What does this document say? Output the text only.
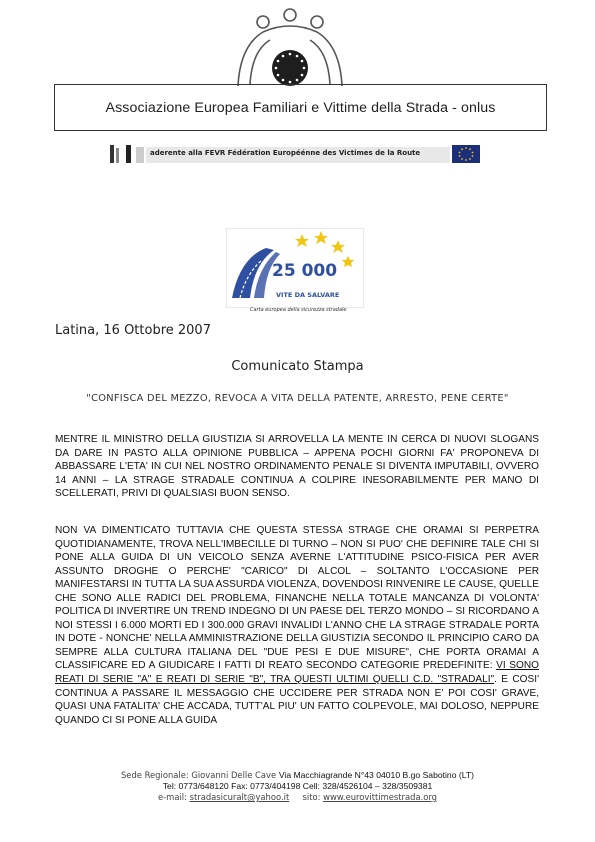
Associazione Europea Familiari e Vittime della Strada - onlus
aderente alla FEVR Fédération Européénne des Victimes de la Route
25 000
VITE DA SALVARE
Carta europea della sicurezza stradale
Latina, 16 Ottobre 2007
Comunicato Stampa
"CONFISCA DEL MEZZO, REVOCA A VITA DELLA PATENTE, ARRESTO, PENE CERTE"
MENTRE IL MINISTRO DELLA GIUSTIZIA SI ARROVELLA LA MENTE IN CERCA DI NUOVI SLOGANS DA DARE IN PASTO ALLA OPINIONE PUBBLICA – APPENA POCHI GIORNI FA' PROPONEVA DI ABBASSARE L'ETA' IN CUI NEL NOSTRO ORDINAMENTO PENALE SI DIVENTA IMPUTABILI, OVVERO 14 ANNI – LA STRAGE STRADALE CONTINUA A COLPIRE INESORABILMENTE PER MANO DI SCELLERATI, PRIVI DI QUALSIASI BUON SENSO.
NON VA DIMENTICATO TUTTAVIA CHE QUESTA STESSA STRAGE CHE ORAMAI SI PERPETRA QUOTIDIANAMENTE, TROVA NELL'IMBECILLE DI TURNO – NON SI PUO' CHE DEFINIRE TALE CHI SI PONE ALLA GUIDA DI UN VEICOLO SENZA AVERNE L'ATTITUDINE PSICO-FISICA PER AVER ASSUNTO DROGHE O PERCHE' "CARICO" DI ALCOL – SOLTANTO L'OCCASIONE PER MANIFESTARSI IN TUTTA LA SUA ASSURDA VIOLENZA, DOVENDOSI RINVENIRE LE CAUSE, QUELLE CHE SONO ALLE RADICI DEL PROBLEMA, FINANCHE NELLA TOTALE MANCANZA DI VOLONTA' POLITICA DI INVERTIRE UN TREND INDEGNO DI UN PAESE DEL TERZO MONDO – SI RICORDANO A NOI STESSI I 6.000 MORTI ED I 300.000 GRAVI INVALIDI L'ANNO CHE LA STRAGE STRADALE PORTA IN DOTE - NONCHE' NELLA AMMINISTRAZIONE DELLA GIUSTIZIA SECONDO IL PRINCIPIO CARO DA SEMPRE ALLA CULTURA ITALIANA DEL "DUE PESI E DUE MISURE", CHE PORTA ORAMAI A CLASSIFICARE ED A GIUDICARE I FATTI DI REATO SECONDO CATEGORIE PREDEFINITE: VI SONO REATI DI SERIE "A" E REATI DI SERIE "B", TRA QUESTI ULTIMI QUELLI C.D. "STRADALI". E COSI' CONTINUA A PASSARE IL MESSAGGIO CHE UCCIDERE PER STRADA NON E' POI COSI' GRAVE, QUASI UNA FATALITA' CHE ACCADA, TUTT'AL PIU' UN FATTO COLPEVOLE, MAI DOLOSO, NEPPURE QUANDO CI SI PONE ALLA GUIDA
Sede Regionale: Giovanni Delle Cave Via Macchiagrande N°43 04010 B.go Sabotino (LT)
Tel: 0773/648120 Fax: 0773/404198 Cell: 328/4526104 – 328/3509381
e-mail: stradasicuralt@yahoo.it sito: www.eurovittimestrada.org
